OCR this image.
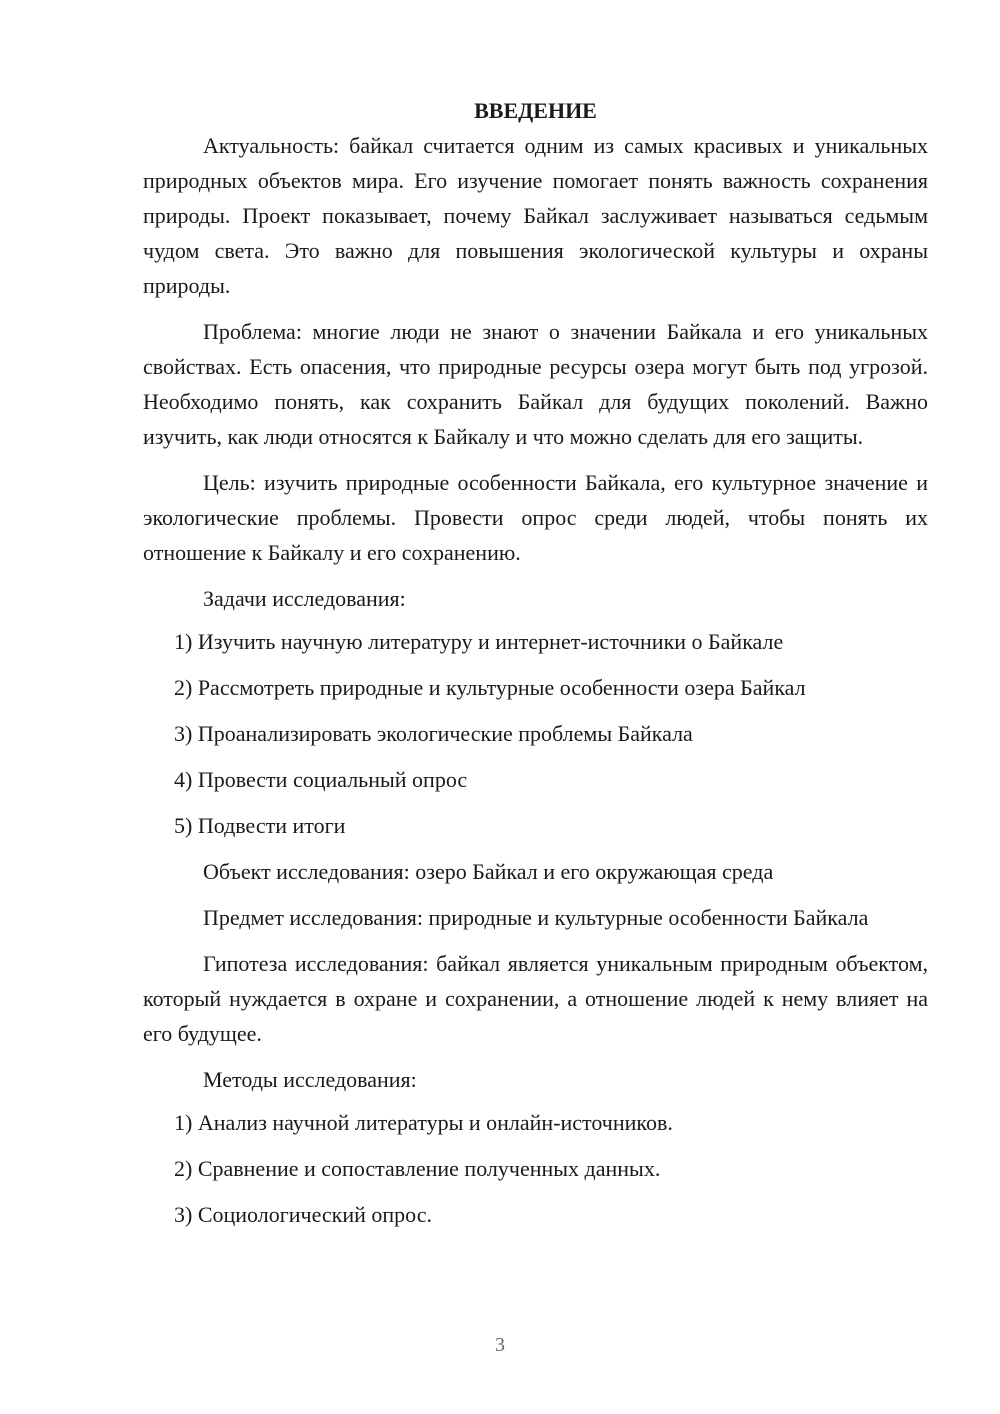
ВВЕДЕНИЕ

Актуальность: байкал считается одним из самых красивых и уникальных природных объектов мира. Его изучение помогает понять важность сохранения природы. Проект показывает, почему Байкал заслуживает называться седьмым чудом света. Это важно для повышения экологической культуры и охраны природы.

Проблема: многие люди не знают о значении Байкала и его уникальных свойствах. Есть опасения, что природные ресурсы озера могут быть под угрозой. Необходимо понять, как сохранить Байкал для будущих поколений. Важно изучить, как люди относятся к Байкалу и что можно сделать для его защиты.

Цель: изучить природные особенности Байкала, его культурное значение и экологические проблемы. Провести опрос среди людей, чтобы понять их отношение к Байкалу и его сохранению.

Задачи исследования:

1) Изучить научную литературу и интернет-источники о Байкале
2) Рассмотреть природные и культурные особенности озера Байкал
3) Проанализировать экологические проблемы Байкала
4) Провести социальный опрос
5) Подвести итоги

Объект исследования: озеро Байкал и его окружающая среда

Предмет исследования: природные и культурные особенности Байкала

Гипотеза исследования: байкал является уникальным природным объектом, который нуждается в охране и сохранении, а отношение людей к нему влияет на его будущее.

Методы исследования:

1) Анализ научной литературы и онлайн-источников.
2) Сравнение и сопоставление полученных данных.
3) Социологический опрос.
3
